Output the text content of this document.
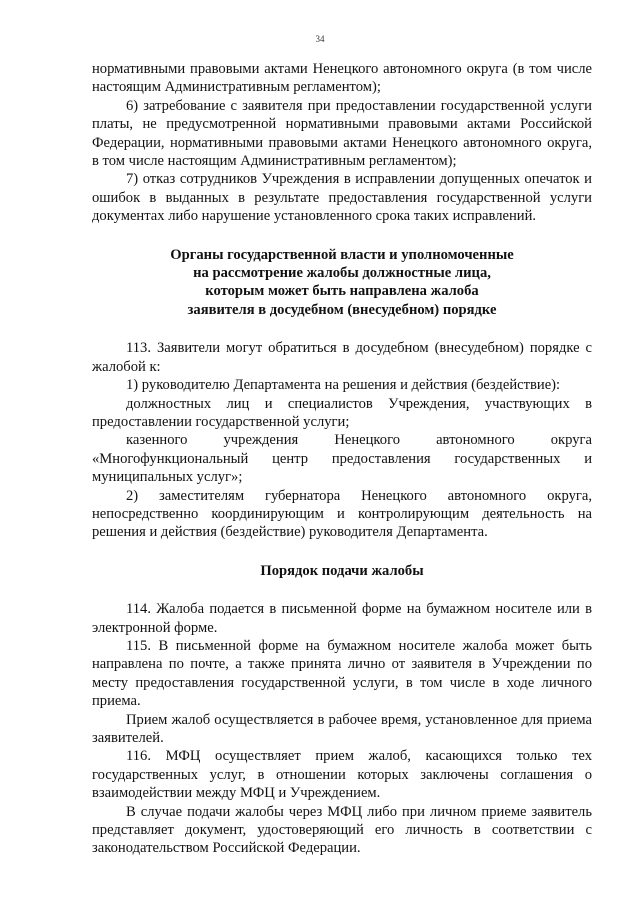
34

нормативными правовыми актами Ненецкого автономного округа (в том числе настоящим Административным регламентом);

6) затребование с заявителя при предоставлении государственной услуги платы, не предусмотренной нормативными правовыми актами Российской Федерации, нормативными правовыми актами Ненецкого автономного округа, в том числе настоящим Административным регламентом);

7) отказ сотрудников Учреждения в исправлении допущенных опечаток и ошибок в выданных в результате предоставления государственной услуги документах либо нарушение установленного срока таких исправлений.

Органы государственной власти и уполномоченные

на рассмотрение жалобы должностные лица,

которым может быть направлена жалоба

заявителя в досудебном (внесудебном) порядке

113. Заявители могут обратиться в досудебном (внесудебном) порядке с жалобой к:

1) руководителю Департамента на решения и действия (бездействие):

должностных лиц и специалистов Учреждения, участвующих в предоставлении государственной услуги;

казенного учреждения Ненецкого автономного округа «Многофункциональный центр предоставления государственных и муниципальных услуг»;

2) заместителям губернатора Ненецкого автономного округа, непосредственно координирующим и контролирующим деятельность на решения и действия (бездействие) руководителя Департамента.

Порядок подачи жалобы

114. Жалоба подается в письменной форме на бумажном носителе или в электронной форме.

115. В письменной форме на бумажном носителе жалоба может быть направлена по почте, а также принята лично от заявителя в Учреждении по месту предоставления государственной услуги, в том числе в ходе личного приема.

Прием жалоб осуществляется в рабочее время, установленное для приема заявителей.

116. МФЦ осуществляет прием жалоб, касающихся только тех государственных услуг, в отношении которых заключены соглашения о взаимодействии между МФЦ и Учреждением.

В случае подачи жалобы через МФЦ либо при личном приеме заявитель представляет документ, удостоверяющий его личность в соответствии с законодательством Российской Федерации.
